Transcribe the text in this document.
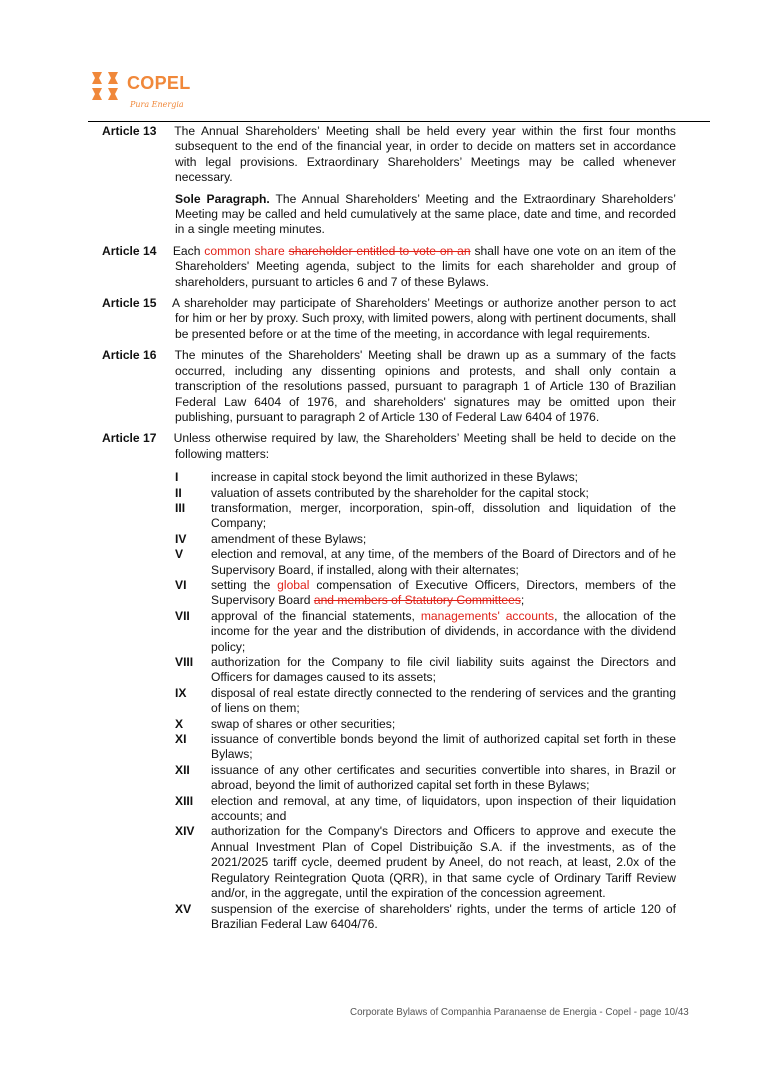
COPEL
Pura Energia
Article 13 The Annual Shareholders’ Meeting shall be held every year within the first four months subsequent to the end of the financial year, in order to decide on matters set in accordance with legal provisions. Extraordinary Shareholders’ Meetings may be called whenever necessary.
Sole Paragraph. The Annual Shareholders’ Meeting and the Extraordinary Shareholders’ Meeting may be called and held cumulatively at the same place, date and time, and recorded in a single meeting minutes.
Article 14 Each common share shareholder entitled to vote on an shall have one vote on an item of the Shareholders' Meeting agenda, subject to the limits for each shareholder and group of shareholders, pursuant to articles 6 and 7 of these Bylaws.
Article 15 A shareholder may participate of Shareholders’ Meetings or authorize another person to act for him or her by proxy. Such proxy, with limited powers, along with pertinent documents, shall be presented before or at the time of the meeting, in accordance with legal requirements.
Article 16 The minutes of the Shareholders' Meeting shall be drawn up as a summary of the facts occurred, including any dissenting opinions and protests, and shall only contain a transcription of the resolutions passed, pursuant to paragraph 1 of Article 130 of Brazilian Federal Law 6404 of 1976, and shareholders' signatures may be omitted upon their publishing, pursuant to paragraph 2 of Article 130 of Federal Law 6404 of 1976.
Article 17 Unless otherwise required by law, the Shareholders’ Meeting shall be held to decide on the following matters:
I	increase in capital stock beyond the limit authorized in these Bylaws;
II	valuation of assets contributed by the shareholder for the capital stock;
III	transformation, merger, incorporation, spin-off, dissolution and liquidation of the Company;
IV	amendment of these Bylaws;
V	election and removal, at any time, of the members of the Board of Directors and of he Supervisory Board, if installed, along with their alternates;
VI	setting the global compensation of Executive Officers, Directors, members of the Supervisory Board and members of Statutory Committees;
VII	approval of the financial statements, managements' accounts, the allocation of the income for the year and the distribution of dividends, in accordance with the dividend policy;
VIII	authorization for the Company to file civil liability suits against the Directors and Officers for damages caused to its assets;
IX	disposal of real estate directly connected to the rendering of services and the granting of liens on them;
X	swap of shares or other securities;
XI	issuance of convertible bonds beyond the limit of authorized capital set forth in these Bylaws;
XII	issuance of any other certificates and securities convertible into shares, in Brazil or abroad, beyond the limit of authorized capital set forth in these Bylaws;
XIII	election and removal, at any time, of liquidators, upon inspection of their liquidation accounts; and
XIV	authorization for the Company's Directors and Officers to approve and execute the Annual Investment Plan of Copel Distribuição S.A. if the investments, as of the 2021/2025 tariff cycle, deemed prudent by Aneel, do not reach, at least, 2.0x of the Regulatory Reintegration Quota (QRR), in that same cycle of Ordinary Tariff Review and/or, in the aggregate, until the expiration of the concession agreement.
XV	suspension of the exercise of shareholders' rights, under the terms of article 120 of Brazilian Federal Law 6404/76.
Corporate Bylaws of Companhia Paranaense de Energia - Copel - page 10/43
